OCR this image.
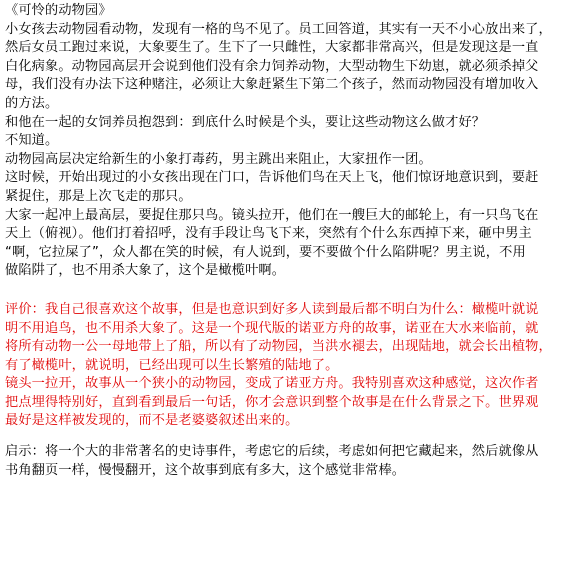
《可怜的动物园》
小女孩去动物园看动物，发现有一格的鸟不见了。员工回答道，其实有一天不小心放出来了，
然后女员工跑过来说，大象要生了。生下了一只雌性，大家都非常高兴，但是发现这是一直
白化病象。动物园高层开会说到他们没有余力饲养动物，大型动物生下幼崽，就必须杀掉父
母，我们没有办法下这种赌注，必须让大象赶紧生下第二个孩子，然而动物园没有增加收入
的方法。
和他在一起的女饲养员抱怨到：到底什么时候是个头，要让这些动物这么做才好？
不知道。
动物园高层决定给新生的小象打毒药，男主跳出来阻止，大家扭作一团。
这时候，开始出现过的小女孩出现在门口，告诉他们鸟在天上飞，他们惊讶地意识到，要赶
紧捉住，那是上次飞走的那只。
大家一起冲上最高层，要捉住那只鸟。镜头拉开，他们在一艘巨大的邮轮上，有一只鸟飞在
天上（俯视）。他们打着招呼，没有手段让鸟飞下来，突然有个什么东西掉下来，砸中男主
“啊，它拉屎了”，众人都在笑的时候，有人说到，要不要做个什么陷阱呢？男主说，不用
做陷阱了，也不用杀大象了，这个是橄榄叶啊。
评价：我自己很喜欢这个故事，但是也意识到好多人读到最后都不明白为什么：橄榄叶就说
明不用追鸟，也不用杀大象了。这是一个现代版的诺亚方舟的故事，诺亚在大水来临前，就
将所有动物一公一母地带上了船，所以有了动物园，当洪水褪去，出现陆地，就会长出植物，
有了橄榄叶，就说明，已经出现可以生长繁殖的陆地了。
镜头一拉开，故事从一个狭小的动物园，变成了诺亚方舟。我特别喜欢这种感觉，这次作者
把点埋得特别好，直到看到最后一句话，你才会意识到整个故事是在什么背景之下。世界观
最好是这样被发现的，而不是老婆婆叙述出来的。
启示：将一个大的非常著名的史诗事件，考虑它的后续，考虑如何把它藏起来，然后就像从
书角翻页一样，慢慢翻开，这个故事到底有多大，这个感觉非常棒。
